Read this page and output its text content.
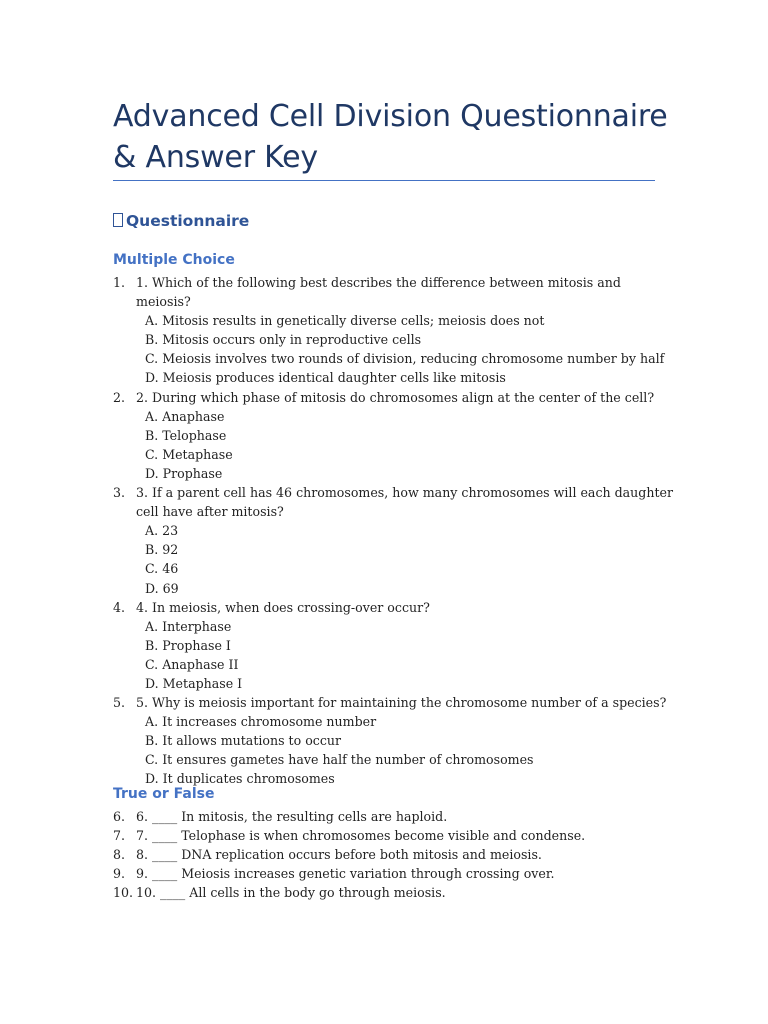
Advanced Cell Division Questionnaire & Answer Key
Questionnaire
Multiple Choice
1. 1. Which of the following best describes the difference between mitosis and meiosis?
A. Mitosis results in genetically diverse cells; meiosis does not
B. Mitosis occurs only in reproductive cells
C. Meiosis involves two rounds of division, reducing chromosome number by half
D. Meiosis produces identical daughter cells like mitosis
2. 2. During which phase of mitosis do chromosomes align at the center of the cell?
A. Anaphase
B. Telophase
C. Metaphase
D. Prophase
3. 3. If a parent cell has 46 chromosomes, how many chromosomes will each daughter cell have after mitosis?
A. 23
B. 92
C. 46
D. 69
4. 4. In meiosis, when does crossing-over occur?
A. Interphase
B. Prophase I
C. Anaphase II
D. Metaphase I
5. 5. Why is meiosis important for maintaining the chromosome number of a species?
A. It increases chromosome number
B. It allows mutations to occur
C. It ensures gametes have half the number of chromosomes
D. It duplicates chromosomes
True or False
6. 6. ____ In mitosis, the resulting cells are haploid.
7. 7. ____ Telophase is when chromosomes become visible and condense.
8. 8. ____ DNA replication occurs before both mitosis and meiosis.
9. 9. ____ Meiosis increases genetic variation through crossing over.
10. 10. ____ All cells in the body go through meiosis.
